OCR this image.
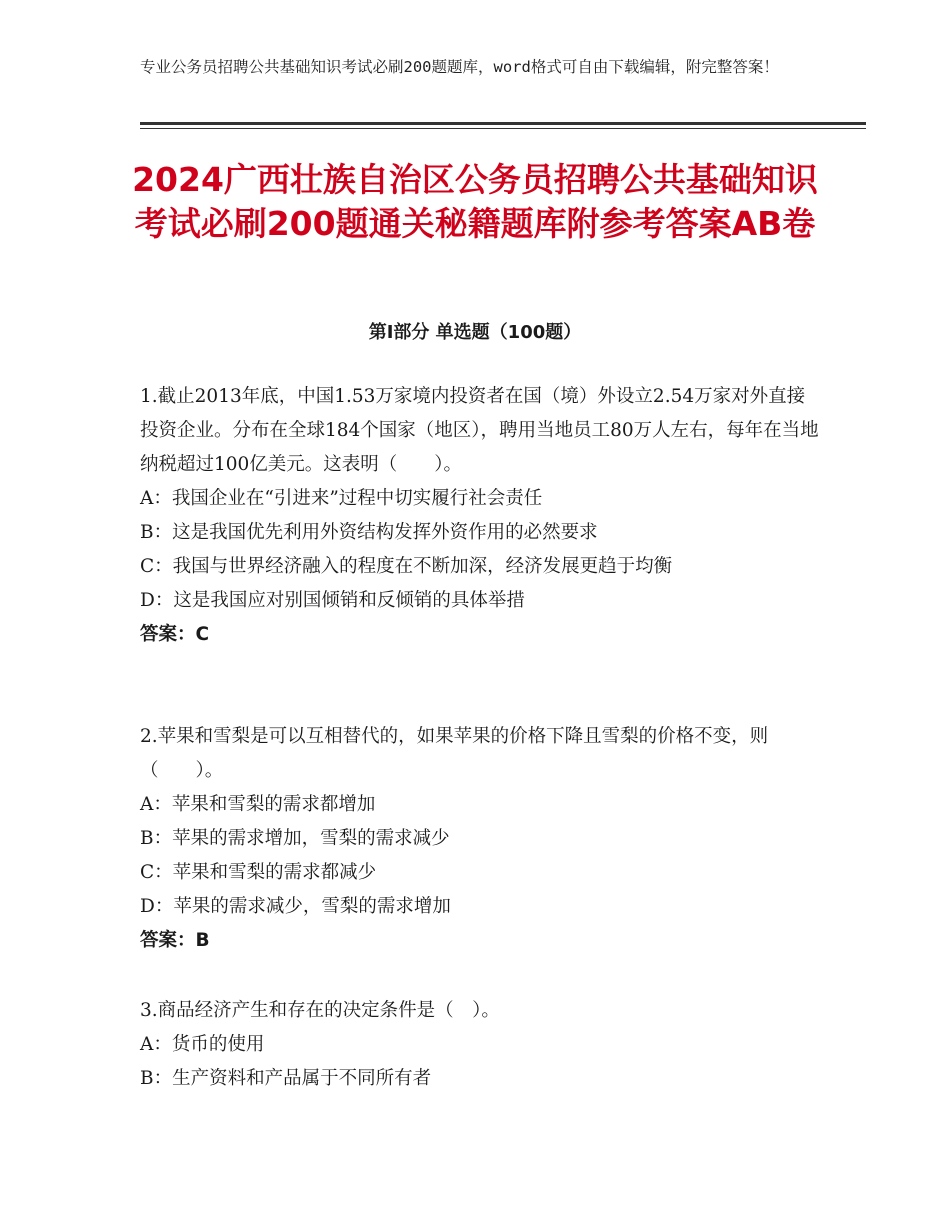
专业公务员招聘公共基础知识考试必刷200题题库，word格式可自由下载编辑，附完整答案！
2024广西壮族自治区公务员招聘公共基础知识考试必刷200题通关秘籍题库附参考答案AB卷
第Ⅰ部分 单选题（100题）

1.截止2013年底，中国1.53万家境内投资者在国（境）外设立2.54万家对外直接投资企业。分布在全球184个国家（地区），聘用当地员工80万人左右，每年在当地纳税超过100亿美元。这表明（　　）。

A：我国企业在“引进来”过程中切实履行社会责任

B：这是我国优先利用外资结构发挥外资作用的必然要求

C：我国与世界经济融入的程度在不断加深，经济发展更趋于均衡

D：这是我国应对别国倾销和反倾销的具体举措

答案：C

2.苹果和雪梨是可以互相替代的，如果苹果的价格下降且雪梨的价格不变，则（　　）。

A：苹果和雪梨的需求都增加

B：苹果的需求增加，雪梨的需求减少

C：苹果和雪梨的需求都减少

D：苹果的需求减少，雪梨的需求增加

答案：B

3.商品经济产生和存在的决定条件是（　）。

A：货币的使用

B：生产资料和产品属于不同所有者
